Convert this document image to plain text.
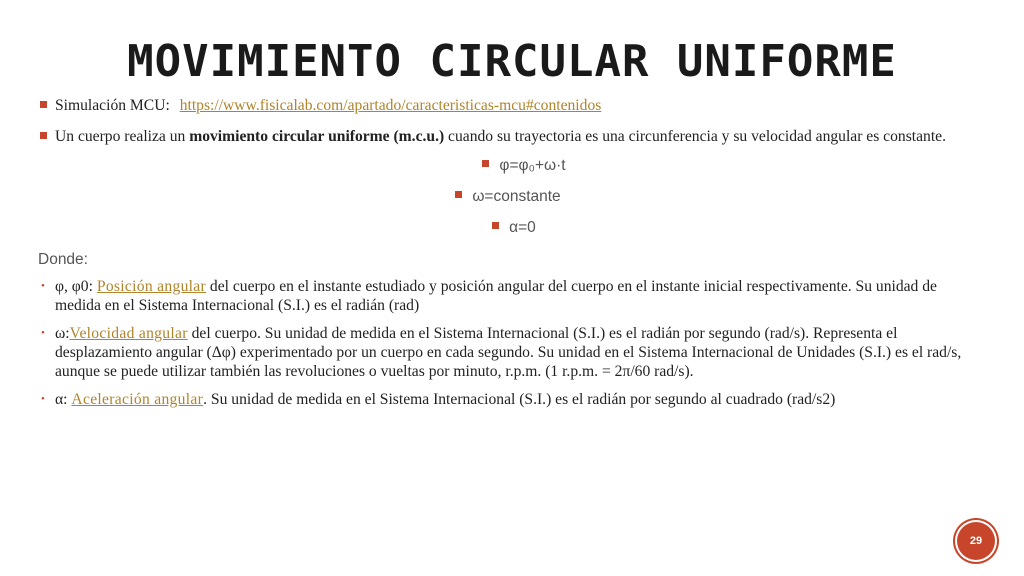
MOVIMIENTO CIRCULAR UNIFORME
Simulación MCU: https://www.fisicalab.com/apartado/caracteristicas-mcu#contenidos
Un cuerpo realiza un movimiento circular uniforme (m.c.u.) cuando su trayectoria es una circunferencia y su velocidad angular es constante.
φ=φ₀+ω·t
ω=constante
α=0
Donde:
• φ, φ0: Posición angular del cuerpo en el instante estudiado y posición angular del cuerpo en el instante inicial respectivamente. Su unidad de medida en el Sistema Internacional (S.I.) es el radián (rad)
• ω:Velocidad angular del cuerpo. Su unidad de medida en el Sistema Internacional (S.I.) es el radián por segundo (rad/s). Representa el desplazamiento angular (Δφ) experimentado por un cuerpo en cada segundo. Su unidad en el Sistema Internacional de Unidades (S.I.) es el rad/s, aunque se puede utilizar también las revoluciones o vueltas por minuto, r.p.m. (1 r.p.m. = 2π/60 rad/s).
• α: Aceleración angular. Su unidad de medida en el Sistema Internacional (S.I.) es el radián por segundo al cuadrado (rad/s2)
29
